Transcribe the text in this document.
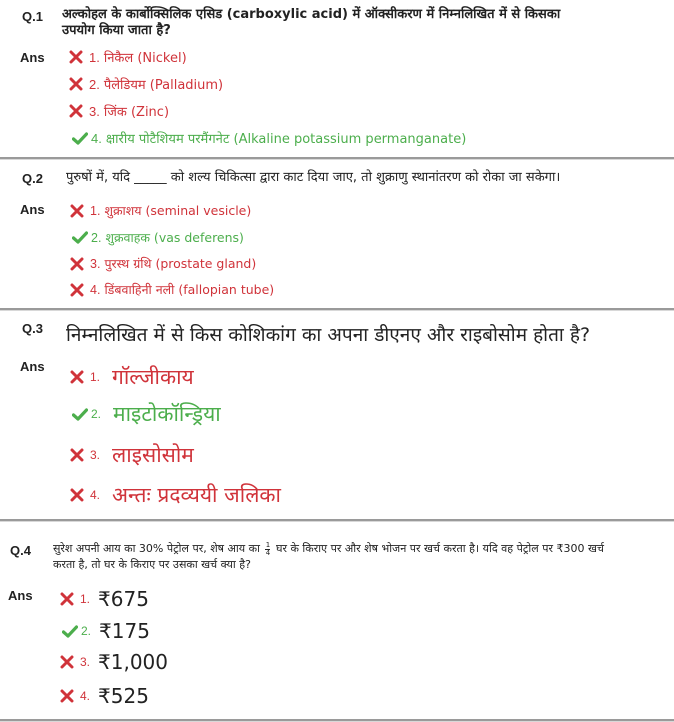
Q.1 अल्कोहल के कार्बोक्सिलिक एसिड (carboxylic acid) में ऑक्सीकरण में निम्नलिखित में से किसका
उपयोग किया जाता है?
Ans	1. निकैल (Nickel)
2. पैलेडियम (Palladium)
3. जिंक (Zinc)
4. क्षारीय पोटैशियम परमैंगनेट (Alkaline potassium permanganate)
Q.2 पुरुषों में, यदि _____ को शल्य चिकित्सा द्वारा काट दिया जाए, तो शुक्राणु स्थानांतरण को रोका जा सकेगा।
Ans	1. शुक्राशय (seminal vesicle)
2. शुक्रवाहक (vas deferens)
3. पुरस्थ ग्रंथि (prostate gland)
4. डिंबवाहिनी नली (fallopian tube)
Q.3 निम्नलिखित में से किस कोशिकांग का अपना डीएनए और राइबोसोम होता है?
Ans
1. गॉल्जीकाय
2. माइटोकॉन्ड्रिया
3. लाइसोसोम
4. अन्तः प्रदव्ययी जलिका
Q.4 सुरेश अपनी आय का 30% पेट्रोल पर, शेष आय का $\frac{1}{4}$ घर के किराए पर और शेष भोजन पर खर्च करता है। यदि वह पेट्रोल पर ₹300 खर्च
करता है, तो घर के किराए पर उसका खर्च क्या है?
Ans	1. ₹675
2. ₹175
3. ₹1,000
4. ₹525
